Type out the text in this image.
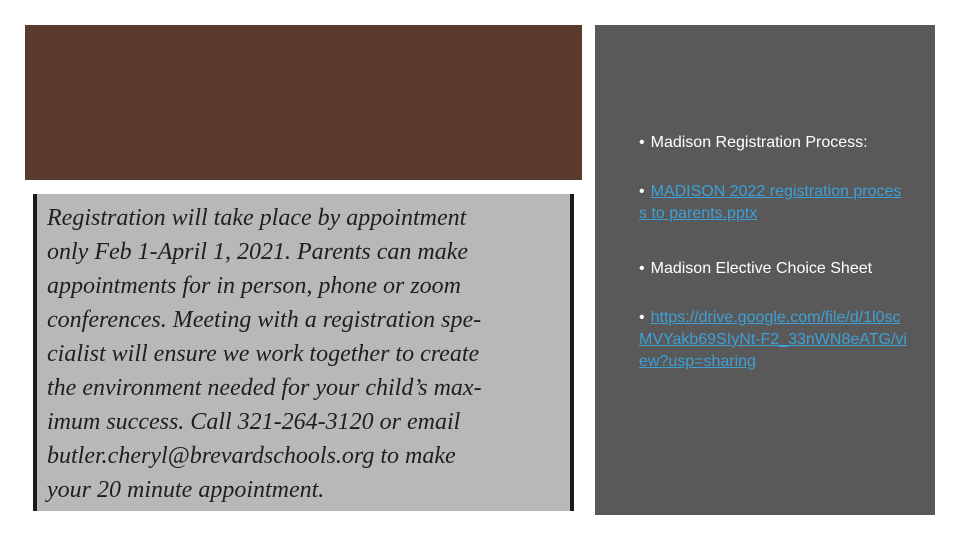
Registration will take place by appointment
only Feb 1-April 1, 2021. Parents can make
appointments for in person, phone or zoom
conferences. Meeting with a registration spe-
cialist will ensure we work together to create
the environment needed for your child’s max-
imum success. Call 321-264-3120 or email
butler.cheryl@brevardschools.org to make
your 20 minute appointment.
• Madison Registration Process:
• MADISON 2022 registration process to parents.pptx
• Madison Elective Choice Sheet
• https://drive.google.com/file/d/1l0scMVYakb69SIyNt-F2_33nWN8eATG/view?usp=sharing
